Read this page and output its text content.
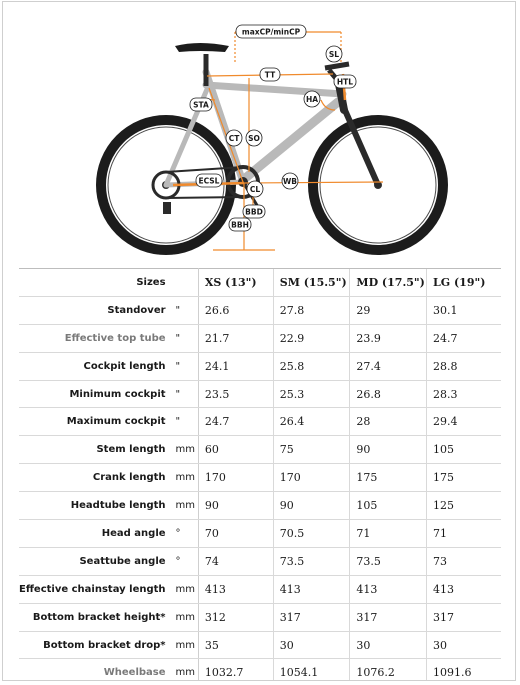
maxCP/minCP
SL
TT
HTL
HA
STA
CT SO
ECSL
CL
WB
BBD
BBH
Sizes		XS (13")	SM (15.5")	MD (17.5")	LG (19")
Standover	"	26.6	27.8	29	30.1
Effective top tube	"	21.7	22.9	23.9	24.7
Cockpit length	"	24.1	25.8	27.4	28.8
Minimum cockpit	"	23.5	25.3	26.8	28.3
Maximum cockpit	"	24.7	26.4	28	29.4
Stem length	mm	60	75	90	105
Crank length	mm	170	170	175	175
Headtube length	mm	90	90	105	125
Head angle	°	70	70.5	71	71
Seattube angle	°	74	73.5	73.5	73
Effective chainstay length	mm	413	413	413	413
Bottom bracket height*	mm	312	317	317	317
Bottom bracket drop*	mm	35	30	30	30
Wheelbase	mm	1032.7	1054.1	1076.2	1091.6
